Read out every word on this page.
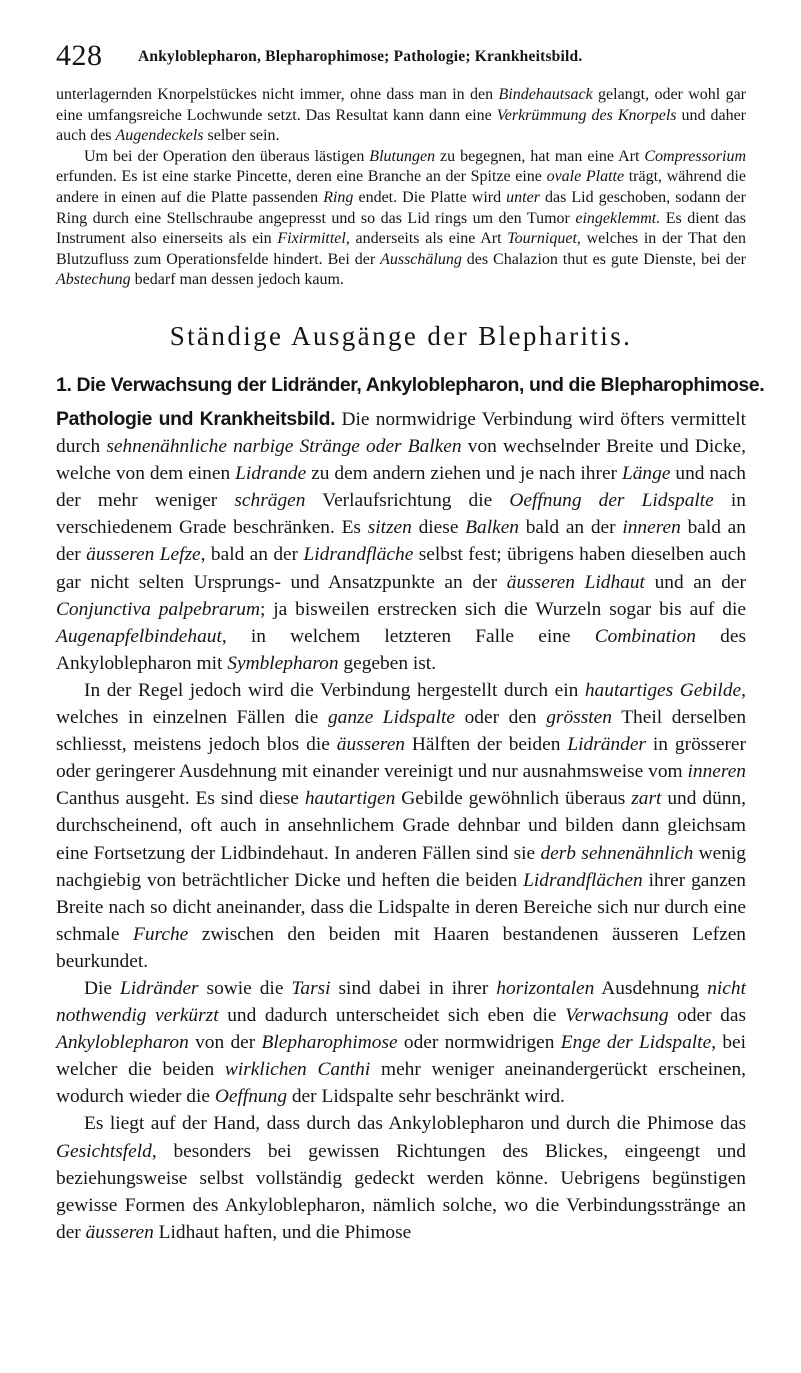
428 Ankyloblepharon, Blepharophimose; Pathologie; Krankheitsbild.

unterlagernden Knorpelstückes nicht immer, ohne dass man in den Bindehautsack gelangt, oder wohl gar eine umfangsreiche Lochwunde setzt. Das Resultat kann dann eine Verkrümmung des Knorpels und daher auch des Augendeckels selber sein.

Um bei der Operation den überaus lästigen Blutungen zu begegnen, hat man eine Art Compressorium erfunden. Es ist eine starke Pincette, deren eine Branche an der Spitze eine ovale Platte trägt, während die andere in einen auf die Platte passenden Ring endet. Die Platte wird unter das Lid geschoben, sodann der Ring durch eine Stellschraube angepresst und so das Lid rings um den Tumor eingeklemmt. Es dient das Instrument also einerseits als ein Fixirmittel, anderseits als eine Art Tourniquet, welches in der That den Blutzufluss zum Operationsfelde hindert. Bei der Ausschälung des Chalazion thut es gute Dienste, bei der Abstechung bedarf man dessen jedoch kaum.

Ständige Ausgänge der Blepharitis.
1. Die Verwachsung der Lidränder, Ankyloblepharon, und die Blepharophimose.

Pathologie und Krankheitsbild. Die normwidrige Verbindung wird öfters vermittelt durch sehnenähnliche narbige Stränge oder Balken von wechselnder Breite und Dicke, welche von dem einen Lidrande zu dem andern ziehen und je nach ihrer Länge und nach der mehr weniger schrägen Verlaufsrichtung die Oeffnung der Lidspalte in verschiedenem Grade beschränken. Es sitzen diese Balken bald an der inneren bald an der äusseren Lefze, bald an der Lidrandfläche selbst fest; übrigens haben dieselben auch gar nicht selten Ursprungs- und Ansatzpunkte an der äusseren Lidhaut und an der Conjunctiva palpebrarum; ja bisweilen erstrecken sich die Wurzeln sogar bis auf die Augenapfelbindehaut, in welchem letzteren Falle eine Combination des Ankyloblepharon mit Symblepharon gegeben ist.

In der Regel jedoch wird die Verbindung hergestellt durch ein hautartiges Gebilde, welches in einzelnen Fällen die ganze Lidspalte oder den grössten Theil derselben schliesst, meistens jedoch blos die äusseren Hälften der beiden Lidränder in grösserer oder geringerer Ausdehnung mit einander vereinigt und nur ausnahmsweise vom inneren Canthus ausgeht. Es sind diese hautartigen Gebilde gewöhnlich überaus zart und dünn, durchscheinend, oft auch in ansehnlichem Grade dehnbar und bilden dann gleichsam eine Fortsetzung der Lidbindehaut. In anderen Fällen sind sie derb sehnenähnlich wenig nachgiebig von beträchtlicher Dicke und heften die beiden Lidrandflächen ihrer ganzen Breite nach so dicht aneinander, dass die Lidspalte in deren Bereiche sich nur durch eine schmale Furche zwischen den beiden mit Haaren bestandenen äusseren Lefzen beurkundet.

Die Lidränder sowie die Tarsi sind dabei in ihrer horizontalen Ausdehnung nicht nothwendig verkürzt und dadurch unterscheidet sich eben die Verwachsung oder das Ankyloblepharon von der Blepharophimose oder normwidrigen Enge der Lidspalte, bei welcher die beiden wirklichen Canthi mehr weniger aneinandergerückt erscheinen, wodurch wieder die Oeffnung der Lidspalte sehr beschränkt wird.

Es liegt auf der Hand, dass durch das Ankyloblepharon und durch die Phimose das Gesichtsfeld, besonders bei gewissen Richtungen des Blickes, eingeengt und beziehungsweise selbst vollständig gedeckt werden könne. Uebrigens begünstigen gewisse Formen des Ankyloblepharon, nämlich solche, wo die Verbindungsstränge an der äusseren Lidhaut haften, und die Phimose
